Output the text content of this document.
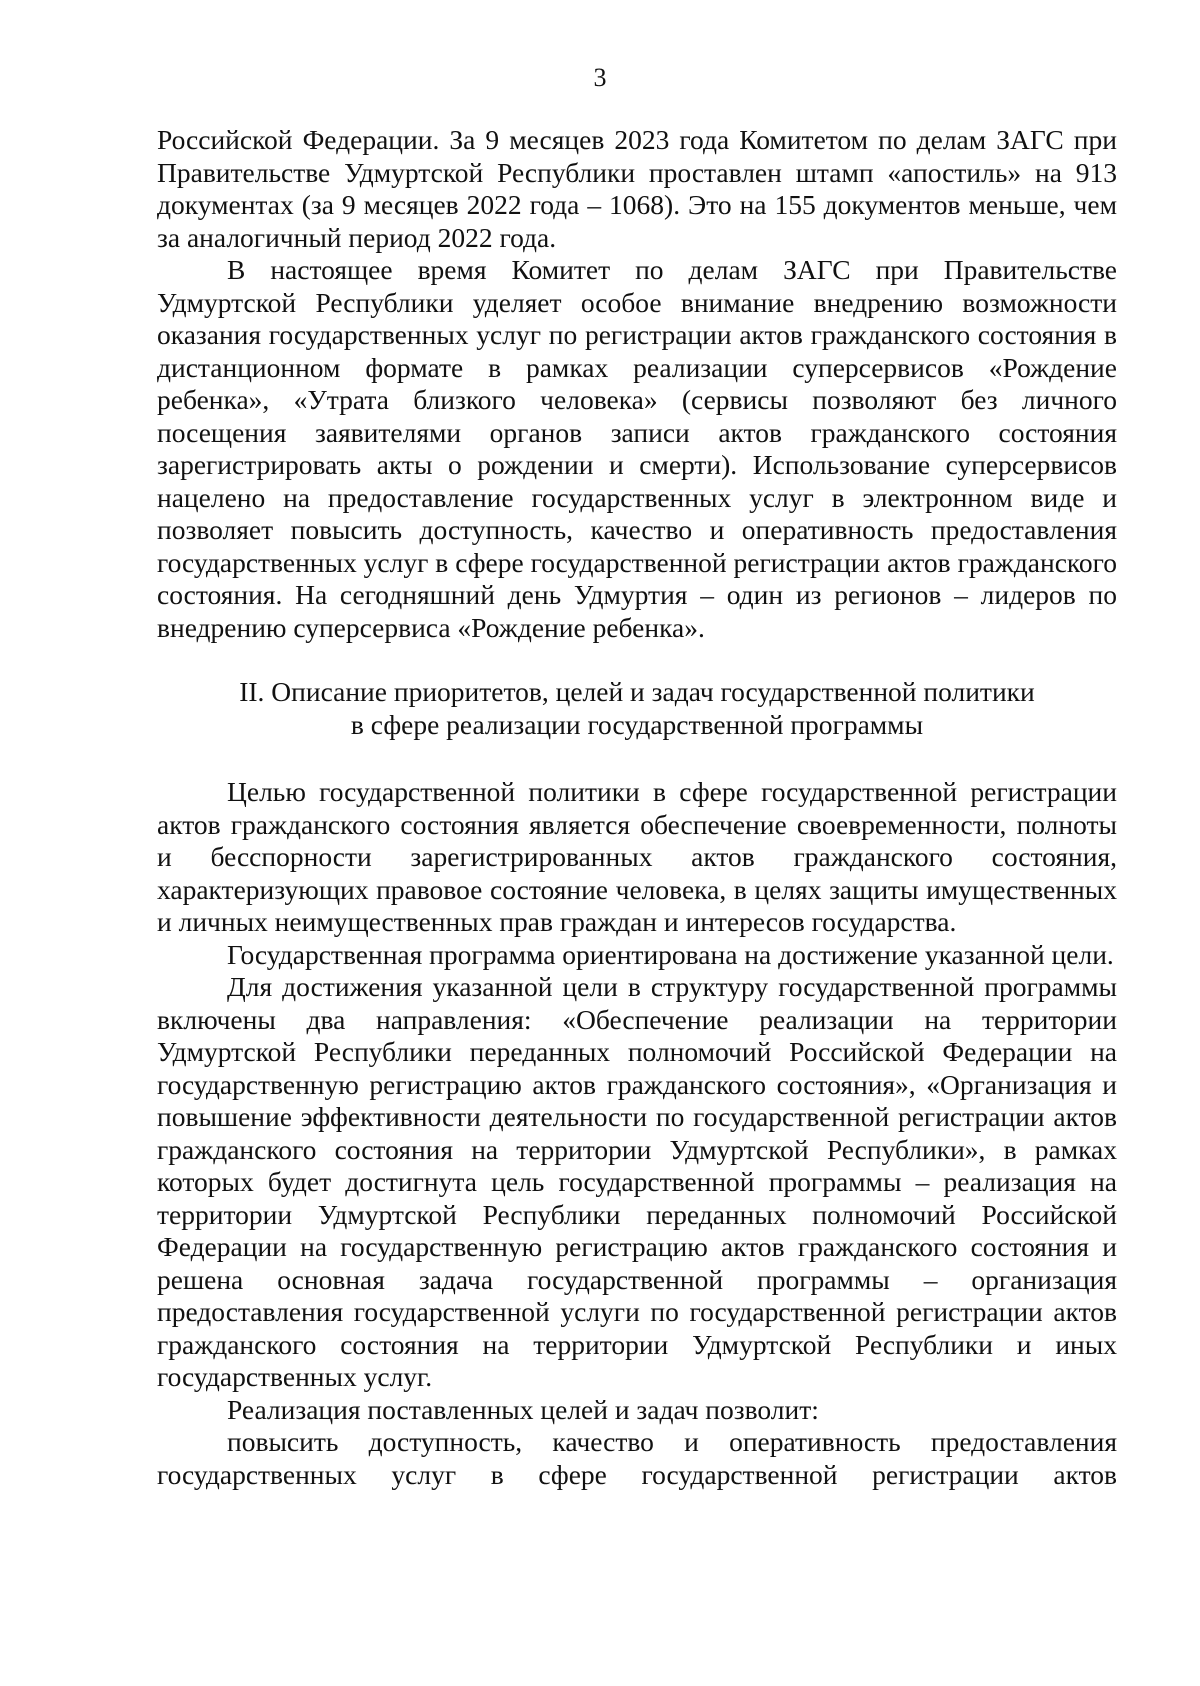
3

Российской Федерации. За 9 месяцев 2023 года Комитетом по делам ЗАГС при Правительстве Удмуртской Республики проставлен штамп «апостиль» на 913 документах (за 9 месяцев 2022 года – 1068). Это на 155 документов меньше, чем за аналогичный период 2022 года.

В настоящее время Комитет по делам ЗАГС при Правительстве Удмуртской Республики уделяет особое внимание внедрению возможности оказания государственных услуг по регистрации актов гражданского состояния в дистанционном формате в рамках реализации суперсервисов «Рождение ребенка», «Утрата близкого человека» (сервисы позволяют без личного посещения заявителями органов записи актов гражданского состояния зарегистрировать акты о рождении и смерти). Использование суперсервисов нацелено на предоставление государственных услуг в электронном виде и позволяет повысить доступность, качество и оперативность предоставления государственных услуг в сфере государственной регистрации актов гражданского состояния. На сегодняшний день Удмуртия – один из регионов – лидеров по внедрению суперсервиса «Рождение ребенка».

II. Описание приоритетов, целей и задач государственной политики
в сфере реализации государственной программы

Целью государственной политики в сфере государственной регистрации актов гражданского состояния является обеспечение своевременности, полноты и бесспорности зарегистрированных актов гражданского состояния, характеризующих правовое состояние человека, в целях защиты имущественных и личных неимущественных прав граждан и интересов государства.

Государственная программа ориентирована на достижение указанной цели.

Для достижения указанной цели в структуру государственной программы включены два направления: «Обеспечение реализации на территории Удмуртской Республики переданных полномочий Российской Федерации на государственную регистрацию актов гражданского состояния», «Организация и повышение эффективности деятельности по государственной регистрации актов гражданского состояния на территории Удмуртской Республики», в рамках которых будет достигнута цель государственной программы – реализация на территории Удмуртской Республики переданных полномочий Российской Федерации на государственную регистрацию актов гражданского состояния и решена основная задача государственной программы – организация предоставления государственной услуги по государственной регистрации актов гражданского состояния на территории Удмуртской Республики и иных государственных услуг.

Реализация поставленных целей и задач позволит:

повысить доступность, качество и оперативность предоставления государственных услуг в сфере государственной регистрации актов
